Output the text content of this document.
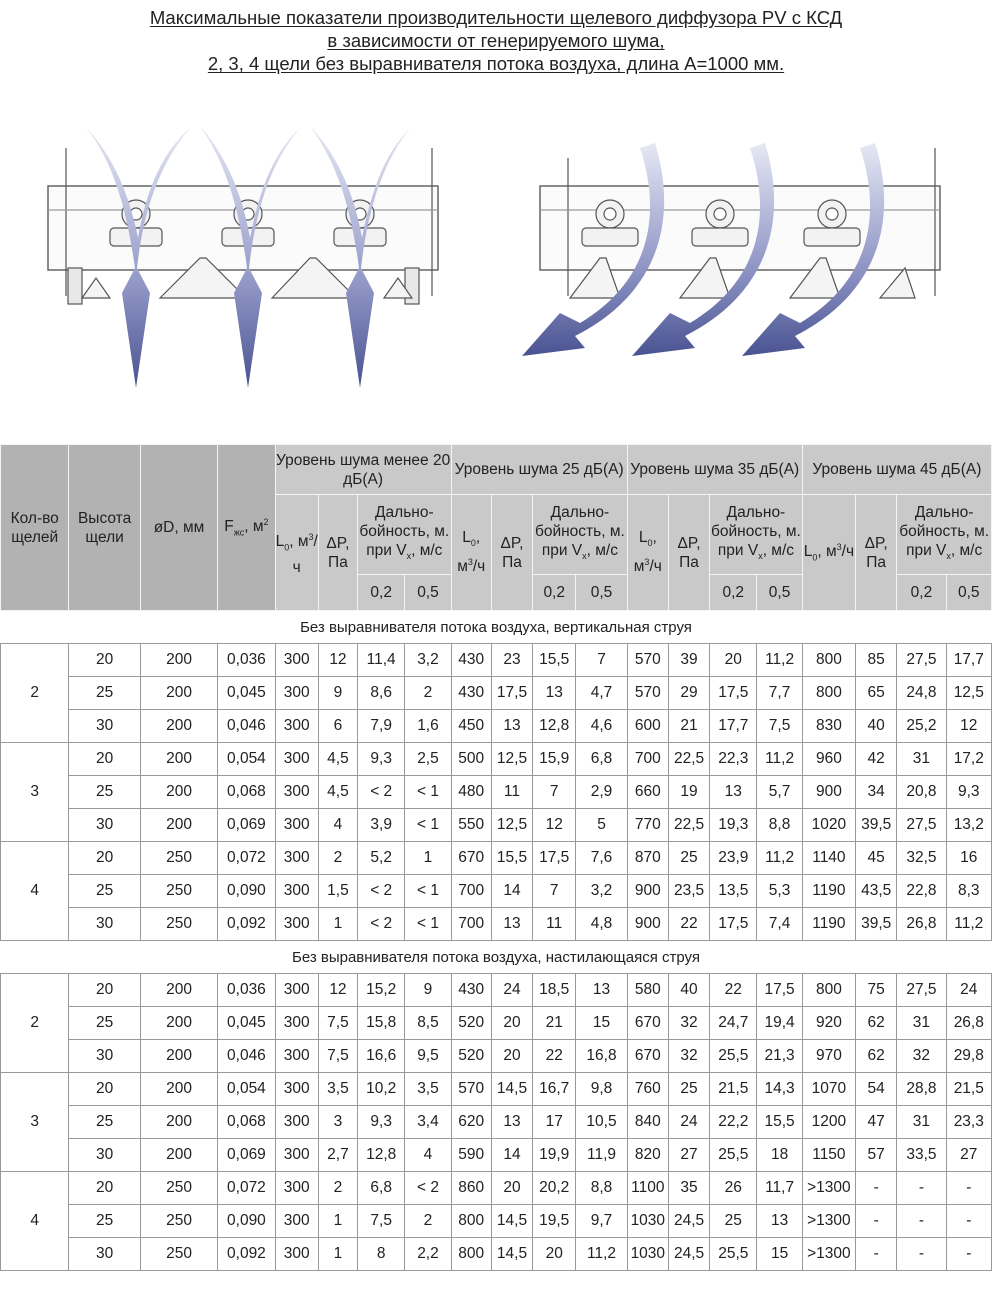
Максимальные показатели производительности щелевого диффузора PV с КСД
в зависимости от генерируемого шума,
2, 3, 4 щели без выравнивателя потока воздуха, длина А=1000 мм.
Кол-во щелей	Высота щели	øD, мм	$F_{жс}$, $м^2$	Уровень шума менее 20 дБ(А)				Уровень шума 25 дБ(А)				Уровень шума 35 дБ(А)				Уровень шума 45 дБ(А)			
				$L_0$, $м^3/ч$	ΔP, Па	Дально-бойность, м. при $V_x$, м/с		$L_0$, $м^3/ч$	ΔP, Па	Дально-бойность, м. при $V_x$, м/с		$L_0$, $м^3/ч$	ΔP, Па	Дально-бойность, м. при $V_x$, м/с		$L_0$, $м^3/ч$	ΔP, Па	Дально-бойность, м. при $V_x$, м/с	
						0,2	0,5			0,2	0,5			0,2	0,5			0,2	0,5
Без выравнивателя потока воздуха, вертикальная струя																			
2	20	200	0,036	300	12	11,4	3,2	430	23	15,5	7	570	39	20	11,2	800	85	27,5	17,7
	25	200	0,045	300	9	8,6	2	430	17,5	13	4,7	570	29	17,5	7,7	800	65	24,8	12,5
	30	200	0,046	300	6	7,9	1,6	450	13	12,8	4,6	600	21	17,7	7,5	830	40	25,2	12
3	20	200	0,054	300	4,5	9,3	2,5	500	12,5	15,9	6,8	700	22,5	22,3	11,2	960	42	31	17,2
	25	200	0,068	300	4,5	< 2	< 1	480	11	7	2,9	660	19	13	5,7	900	34	20,8	9,3
	30	200	0,069	300	4	3,9	< 1	550	12,5	12	5	770	22,5	19,3	8,8	1020	39,5	27,5	13,2
4	20	250	0,072	300	2	5,2	1	670	15,5	17,5	7,6	870	25	23,9	11,2	1140	45	32,5	16
	25	250	0,090	300	1,5	< 2	< 1	700	14	7	3,2	900	23,5	13,5	5,3	1190	43,5	22,8	8,3
	30	250	0,092	300	1	< 2	< 1	700	13	11	4,8	900	22	17,5	7,4	1190	39,5	26,8	11,2
Без выравнивателя потока воздуха, настилающаяся струя																			
2	20	200	0,036	300	12	15,2	9	430	24	18,5	13	580	40	22	17,5	800	75	27,5	24
	25	200	0,045	300	7,5	15,8	8,5	520	20	21	15	670	32	24,7	19,4	920	62	31	26,8
	30	200	0,046	300	7,5	16,6	9,5	520	20	22	16,8	670	32	25,5	21,3	970	62	32	29,8
3	20	200	0,054	300	3,5	10,2	3,5	570	14,5	16,7	9,8	760	25	21,5	14,3	1070	54	28,8	21,5
	25	200	0,068	300	3	9,3	3,4	620	13	17	10,5	840	24	22,2	15,5	1200	47	31	23,3
	30	200	0,069	300	2,7	12,8	4	590	14	19,9	11,9	820	27	25,5	18	1150	57	33,5	27
4	20	250	0,072	300	2	6,8	< 2	860	20	20,2	8,8	1100	35	26	11,7	>1300	-	-	-
	25	250	0,090	300	1	7,5	2	800	14,5	19,5	9,7	1030	24,5	25	13	>1300	-	-	-
	30	250	0,092	300	1	8	2,2	800	14,5	20	11,2	1030	24,5	25,5	15	>1300	-	-	-
